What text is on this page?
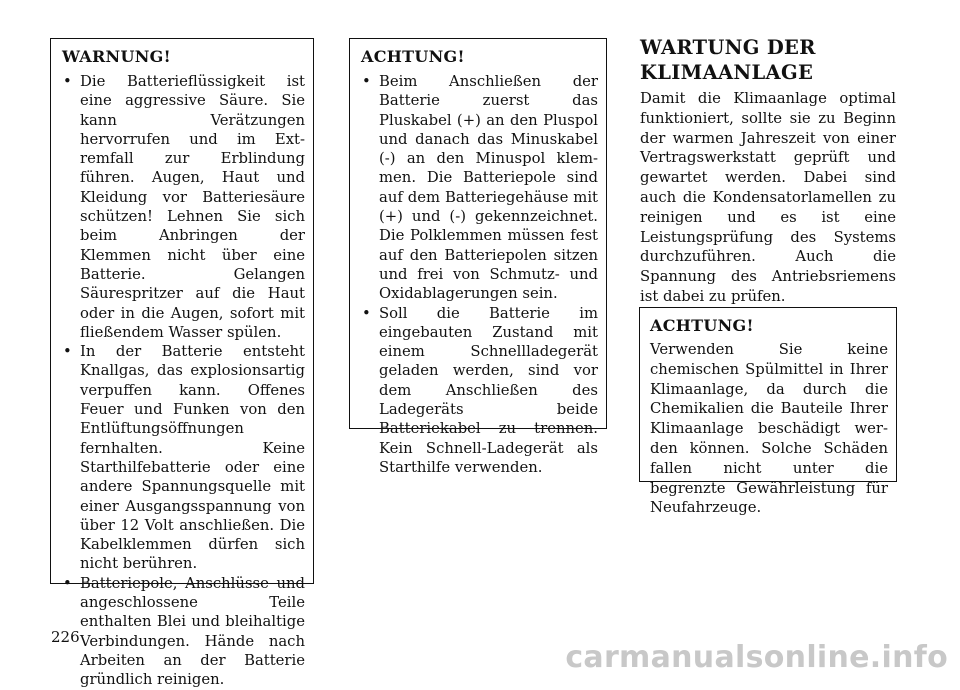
WARNUNG!
• Die Batterieflüssigkeit ist eine aggressive Säure. Sie kann Verätzungen hervorrufen und im Extremfall zur Erblindung führen. Augen, Haut und Kleidung vor Batteriesäure schützen! Lehnen Sie sich beim Anbringen der Klemmen nicht über eine Batterie. Gelangen Säurespritzer auf die Haut oder in die Augen, sofort mit fließendem Wasser spülen.
• In der Batterie entsteht Knallgas, das explosionsartig verpuffen kann. Offenes Feuer und Funken von den Entlüftungsöffnungen fernhalten. Keine Starthilfebatterie oder eine andere Spannungsquelle mit einer Ausgangsspannung von über 12 Volt anschließen. Die Kabelklemmen dürfen sich nicht berühren.
• Batteriepole, Anschlüsse und angeschlossene Teile enthalten Blei und bleihaltige Verbindungen. Hände nach Arbeiten an der Batterie gründlich reinigen.
ACHTUNG!
• Beim Anschließen der Batterie zuerst das Pluskabel (+) an den Pluspol und danach das Minuskabel (-) an den Minuspol klemmen. Die Batteriepole sind auf dem Batteriegehäuse mit (+) und (-) gekennzeichnet. Die Polklemmen müssen fest auf den Batteriepolen sitzen und frei von Schmutz- und Oxidablagerungen sein.
• Soll die Batterie im eingebauten Zustand mit einem Schnellladegerät geladen werden, sind vor dem Anschließen des Ladegeräts beide Batteriekabel zu trennen. Kein Schnell-Ladegerät als Starthilfe verwenden.
WARTUNG DER KLIMAANLAGE

Damit die Klimaanlage optimal funktioniert, sollte sie zu Beginn der warmen Jahreszeit von einer Vertragswerkstatt geprüft und gewartet werden. Dabei sind auch die Kondensatorlamellen zu reinigen und es ist eine Leistungsprüfung des Systems durchzuführen. Auch die Spannung des Antriebsriemens ist dabei zu prüfen.

ACHTUNG!

Verwenden Sie keine chemischen Spülmittel in Ihrer Klimaanlage, da durch die Chemikalien die Bauteile Ihrer Klimaanlage beschädigt werden können. Solche Schäden fallen nicht unter die begrenzte Gewährleistung für Neufahrzeuge.

226
carmanualsonline.info
